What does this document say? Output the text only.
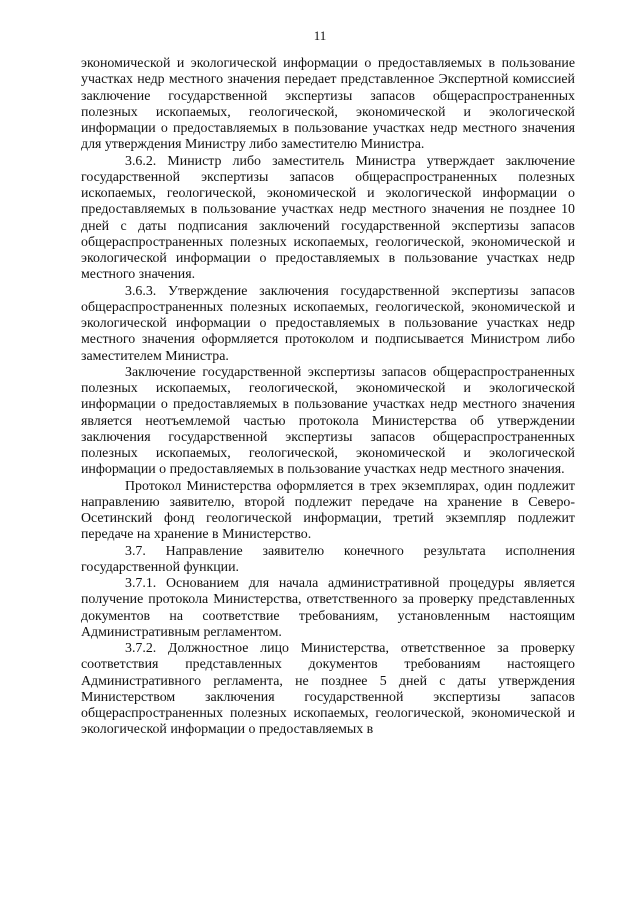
11

экономической и экологической информации о предоставляемых в пользование участках недр местного значения передает представленное Экспертной комиссией заключение государственной экспертизы запасов общераспространенных полезных ископаемых, геологической, экономической и экологической информации о предоставляемых в пользование участках недр местного значения для утверждения Министру либо заместителю Министра.

3.6.2. Министр либо заместитель Министра утверждает заключение государственной экспертизы запасов общераспространенных полезных ископаемых, геологической, экономической и экологической информации о предоставляемых в пользование участках недр местного значения не позднее 10 дней с даты подписания заключений государственной экспертизы запасов общераспространенных полезных ископаемых, геологической, экономической и экологической информации о предоставляемых в пользование участках недр местного значения.

3.6.3. Утверждение заключения государственной экспертизы запасов общераспространенных полезных ископаемых, геологической, экономической и экологической информации о предоставляемых в пользование участках недр местного значения оформляется протоколом и подписывается Министром либо заместителем Министра.

Заключение государственной экспертизы запасов общераспространенных полезных ископаемых, геологической, экономической и экологической информации о предоставляемых в пользование участках недр местного значения является неотъемлемой частью протокола Министерства об утверждении заключения государственной экспертизы запасов общераспространенных полезных ископаемых, геологической, экономической и экологической информации о предоставляемых в пользование участках недр местного значения.

Протокол Министерства оформляется в трех экземплярах, один подлежит направлению заявителю, второй подлежит передаче на хранение в Северо-Осетинский фонд геологической информации, третий экземпляр подлежит передаче на хранение в Министерство.

3.7. Направление заявителю конечного результата исполнения государственной функции.

3.7.1. Основанием для начала административной процедуры является получение протокола Министерства, ответственного за проверку представленных документов на соответствие требованиям, установленным настоящим Административным регламентом.

3.7.2. Должностное лицо Министерства, ответственное за проверку соответствия представленных документов требованиям настоящего Административного регламента, не позднее 5 дней с даты утверждения Министерством заключения государственной экспертизы запасов общераспространенных полезных ископаемых, геологической, экономической и экологической информации о предоставляемых в
